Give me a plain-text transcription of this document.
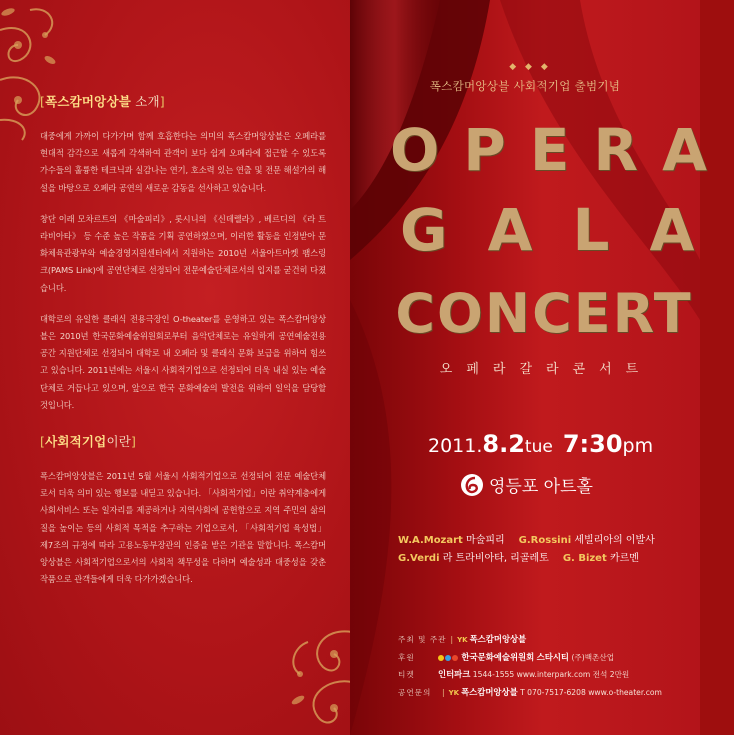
[폭스캄머앙상블 소개]

대중에게 가까이 다가가며 함께 호흡한다는 의미의 폭스캄머앙상블은 오페라를 현대적 감각으로 새롭게 각색하여 관객이 보다 쉽게 오페라에 접근할 수 있도록 가수들의 훌륭한 테크닉과 실감나는 연기, 호소력 있는 연출 및 전문 해설가의 해설을 바탕으로 오페라 공연의 새로운 감동을 선사하고 있습니다.

창단 이래 모차르트의 《마술피리》, 롯시니의 《신데렐라》, 베르디의 《라 트라비아타》 등 수준 높은 작품을 기획 공연하였으며, 이러한 활동을 인정받아 문화체육관광부와 예술경영지원센터에서 지원하는 2010년 서울아트마켓 팸스링크(PAMS Link)에 공연단체로 선정되어 전문예술단체로서의 입지를 굳건히 다졌습니다.

대학로의 유일한 클래식 전용극장인 O-theater를 운영하고 있는 폭스캄머앙상블은 2010년 한국문화예술위원회로부터 음악단체로는 유일하게 공연예술전용공간 지원단체로 선정되어 대학로 내 오페라 및 클래식 문화 보급을 위하여 힘쓰고 있습니다. 2011년에는 서울시 사회적기업으로 선정되어 더욱 내실 있는 예술단체로 거듭나고 있으며, 앞으로 한국 문화예술의 발전을 위하여 일익을 담당할 것입니다.

[사회적기업이란]

폭스캄머앙상블은 2011년 5월 서울시 사회적기업으로 선정되어 전문 예술단체로서 더욱 의미 있는 행보를 내딛고 있습니다. 「사회적기업」이란 취약계층에게 사회서비스 또는 일자리를 제공하거나 지역사회에 공헌함으로 지역 주민의 삶의 질을 높이는 등의 사회적 목적을 추구하는 기업으로서, 「사회적기업 육성법」 제7조의 규정에 따라 고용노동부장관의 인증을 받은 기관을 말합니다. 폭스캄머앙상블은 사회적기업으로서의 사회적 책무성을 다하며 예술성과 대중성을 갖춘 작품으로 관객들에게 더욱 다가가겠습니다.

◆ ◆ ◆
폭스캄머앙상블 사회적기업 출범기념
OPERA
GALA
CONCERT
오페라갈라콘서트
2011.8.2tue 7:30pm
영등포 아트홀
W.A.Mozart 마술피리 G.Rossini 세빌리아의 이발사
G.Verdi 라 트라비아타, 리골레토 G. Bizet 카르멘
주최 및 주관 | YK 폭스캄머앙상블
후원	한국문화예술위원회 스타시티 (주)백촌산업
티켓	인터파크 1544-1555 www.interpark.com 전석 2만원
공연문의 | YK 폭스캄머앙상블 T 070-7517-6208 www.o-theater.com
